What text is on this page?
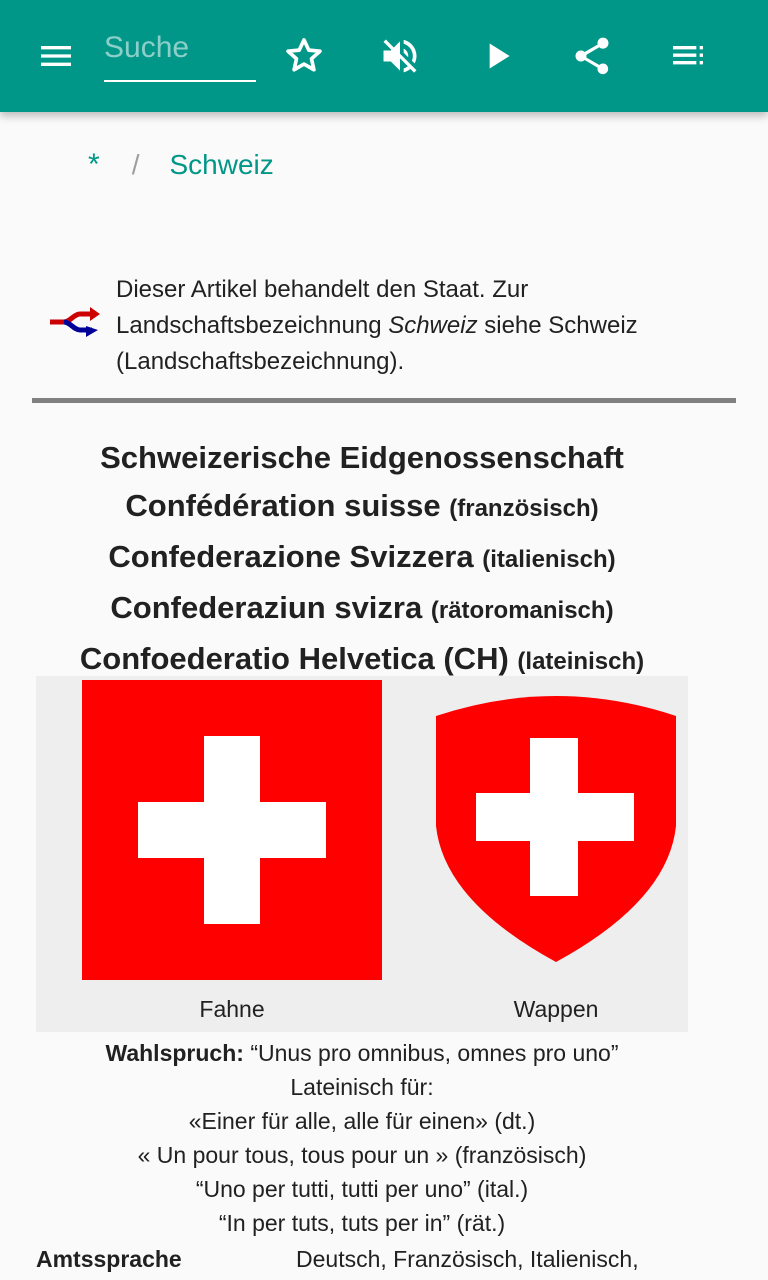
Suche
* / Schweiz
Dieser Artikel behandelt den Staat. Zur Landschaftsbezeichnung Schweiz siehe Schweiz (Landschaftsbezeichnung).
Schweizerische Eidgenossenschaft
Confédération suisse (französisch)
Confederazione Svizzera (italienisch)
Confederaziun svizra (rätoromanisch)
Confoederatio Helvetica (CH) (lateinisch)
Fahne	Wappen
Wahlspruch: “Unus pro omnibus, omnes pro uno”
Lateinisch für:
«Einer für alle, alle für einen» (dt.)
« Un pour tous, tous pour un » (französisch)
“Uno per tutti, tutti per uno” (ital.)
“In per tuts, tuts per in” (rät.)
Amtssprache	Deutsch, Französisch, Italienisch,
